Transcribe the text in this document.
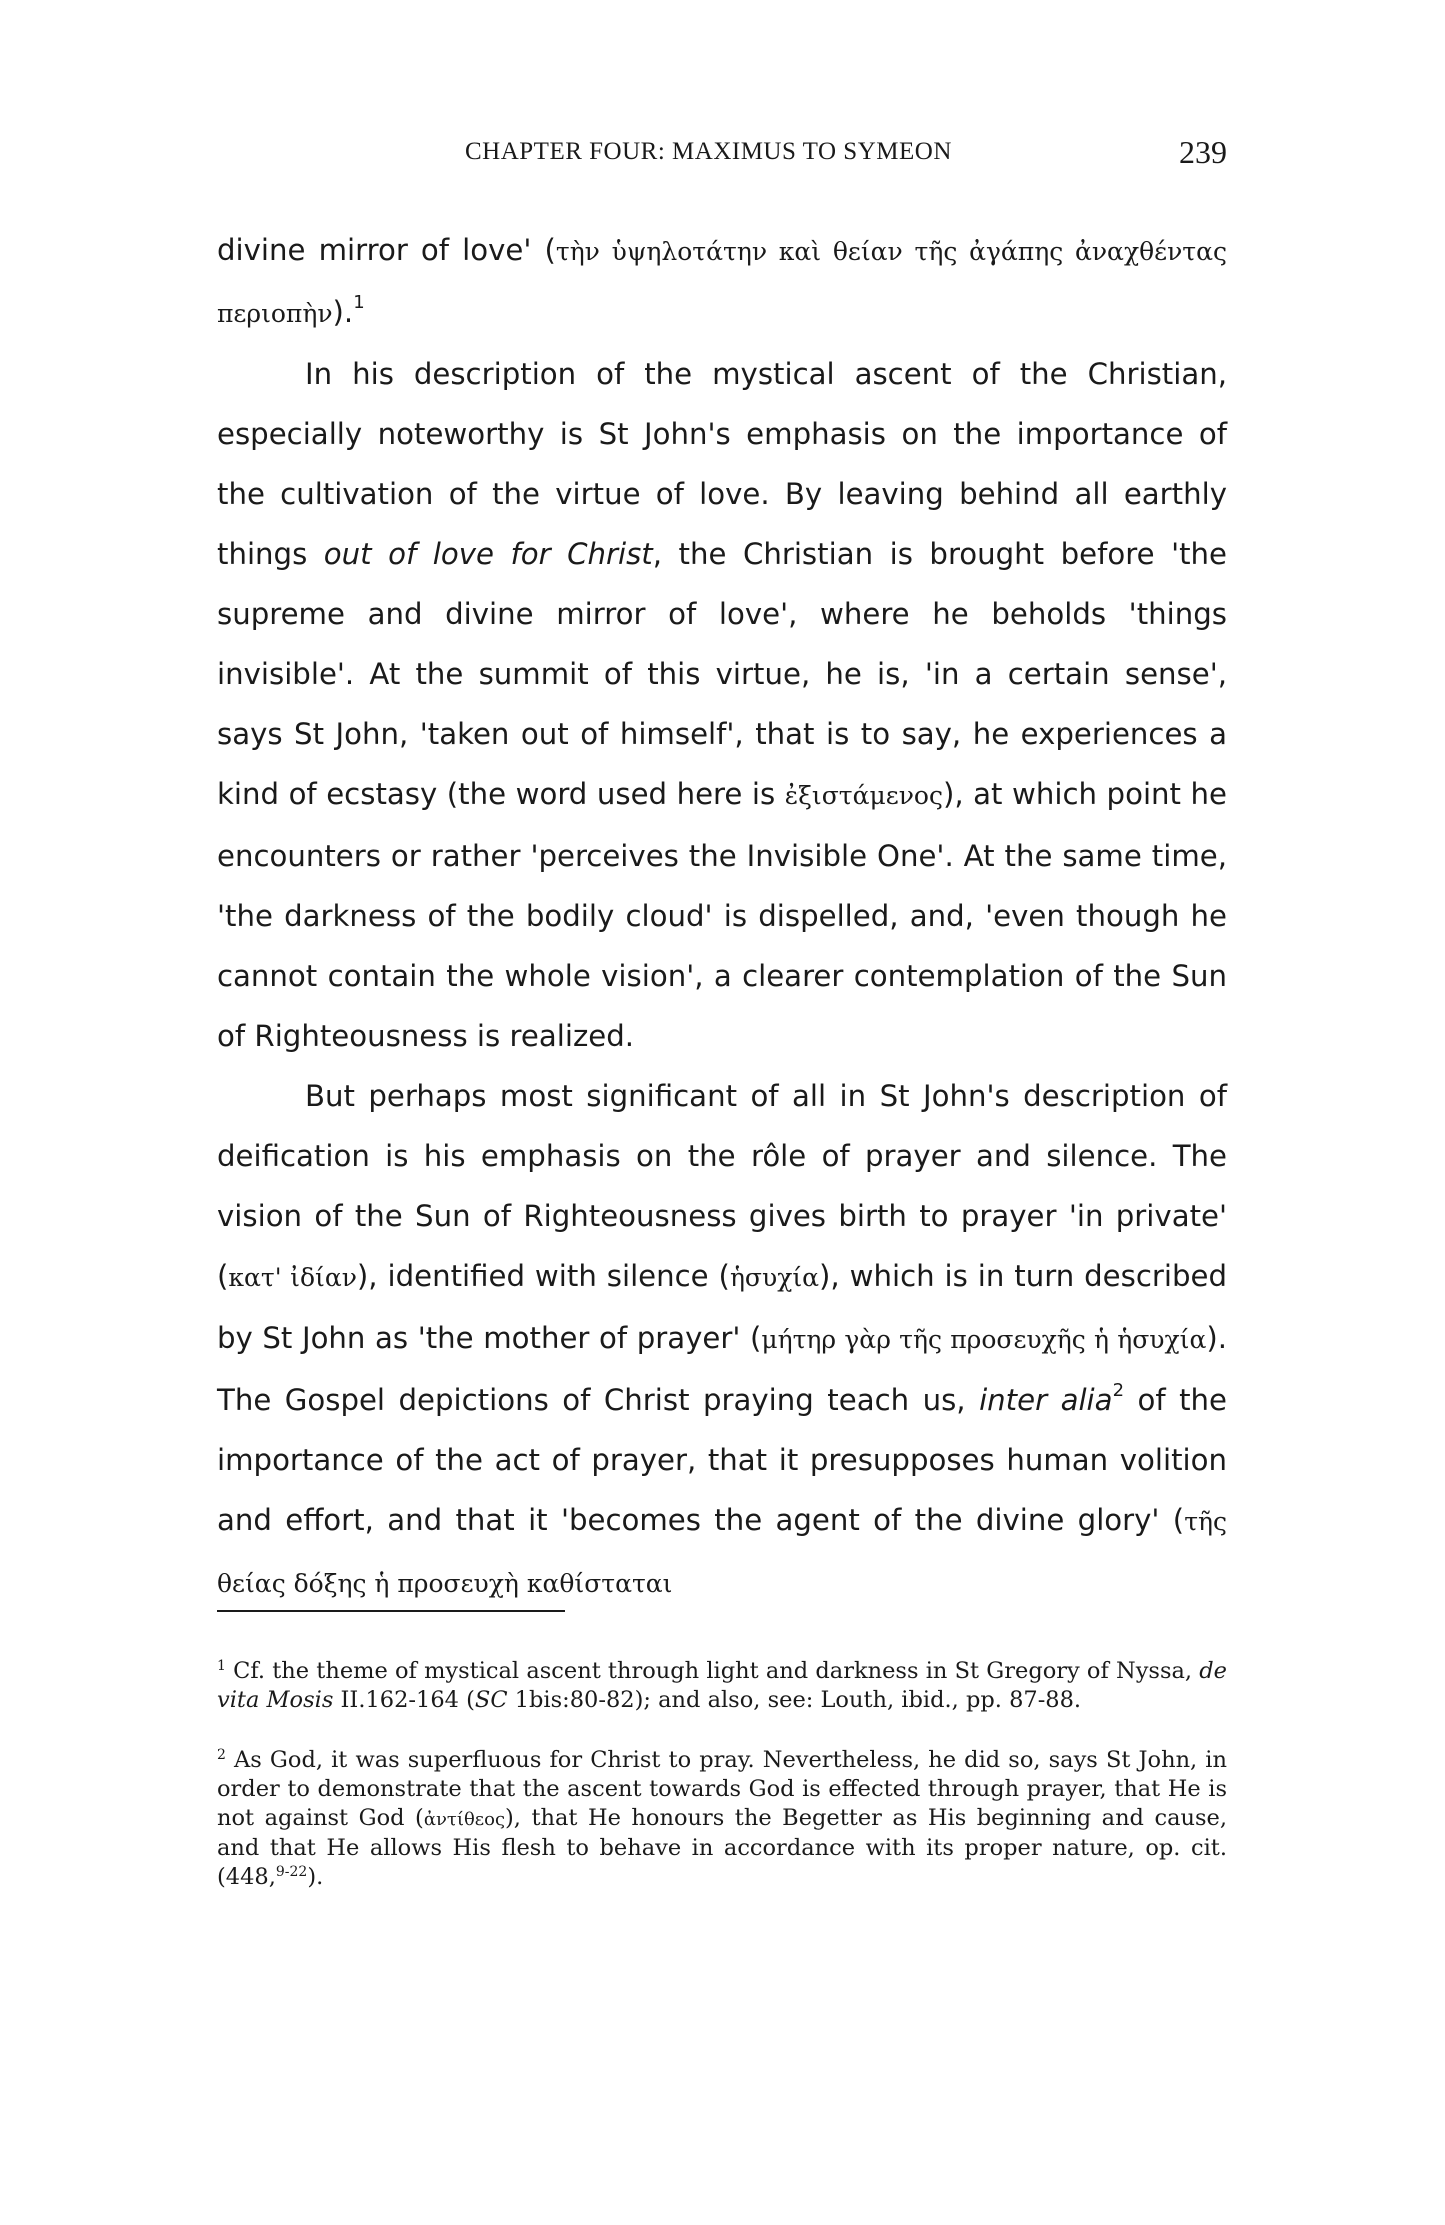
CHAPTER FOUR: MAXIMUS TO SYMEON	239

divine mirror of love' (τὴν ὑψηλοτάτην καὶ θείαν τῆς ἀγάπης ἀναχθέντας περιοπὴν).$^1$

In his description of the mystical ascent of the Christian, especially noteworthy is St John's emphasis on the importance of the cultivation of the virtue of love. By leaving behind all earthly things out of love for Christ, the Christian is brought before 'the supreme and divine mirror of love', where he beholds 'things invisible'. At the summit of this virtue, he is, 'in a certain sense', says St John, 'taken out of himself', that is to say, he experiences a kind of ecstasy (the word used here is ἐξιστάμενος), at which point he encounters or rather 'perceives the Invisible One'. At the same time, 'the darkness of the bodily cloud' is dispelled, and, 'even though he cannot contain the whole vision', a clearer contemplation of the Sun of Righteousness is realized.

But perhaps most significant of all in St John's description of deification is his emphasis on the rôle of prayer and silence. The vision of the Sun of Righteousness gives birth to prayer 'in private' (κατ' ἰδίαν), identified with silence (ἡσυχία), which is in turn described by St John as 'the mother of prayer' (μήτηρ γὰρ τῆς προσευχῆς ἡ ἡσυχία). The Gospel depictions of Christ praying teach us, inter alia$^2$ of the importance of the act of prayer, that it presupposes human volition and effort, and that it 'becomes the agent of the divine glory' (τῆς θείας δόξης ἡ προσευχὴ καθίσταται

$^1$ Cf. the theme of mystical ascent through light and darkness in St Gregory of Nyssa, de vita Mosis II.162-164 (SC 1bis:80-82); and also, see: Louth, ibid., pp. 87-88.

$^2$ As God, it was superfluous for Christ to pray. Nevertheless, he did so, says St John, in order to demonstrate that the ascent towards God is effected through prayer, that He is not against God (ἀντίθεος), that He honours the Begetter as His beginning and cause, and that He allows His flesh to behave in accordance with its proper nature, op. cit. (448,$^{9-22}$).
